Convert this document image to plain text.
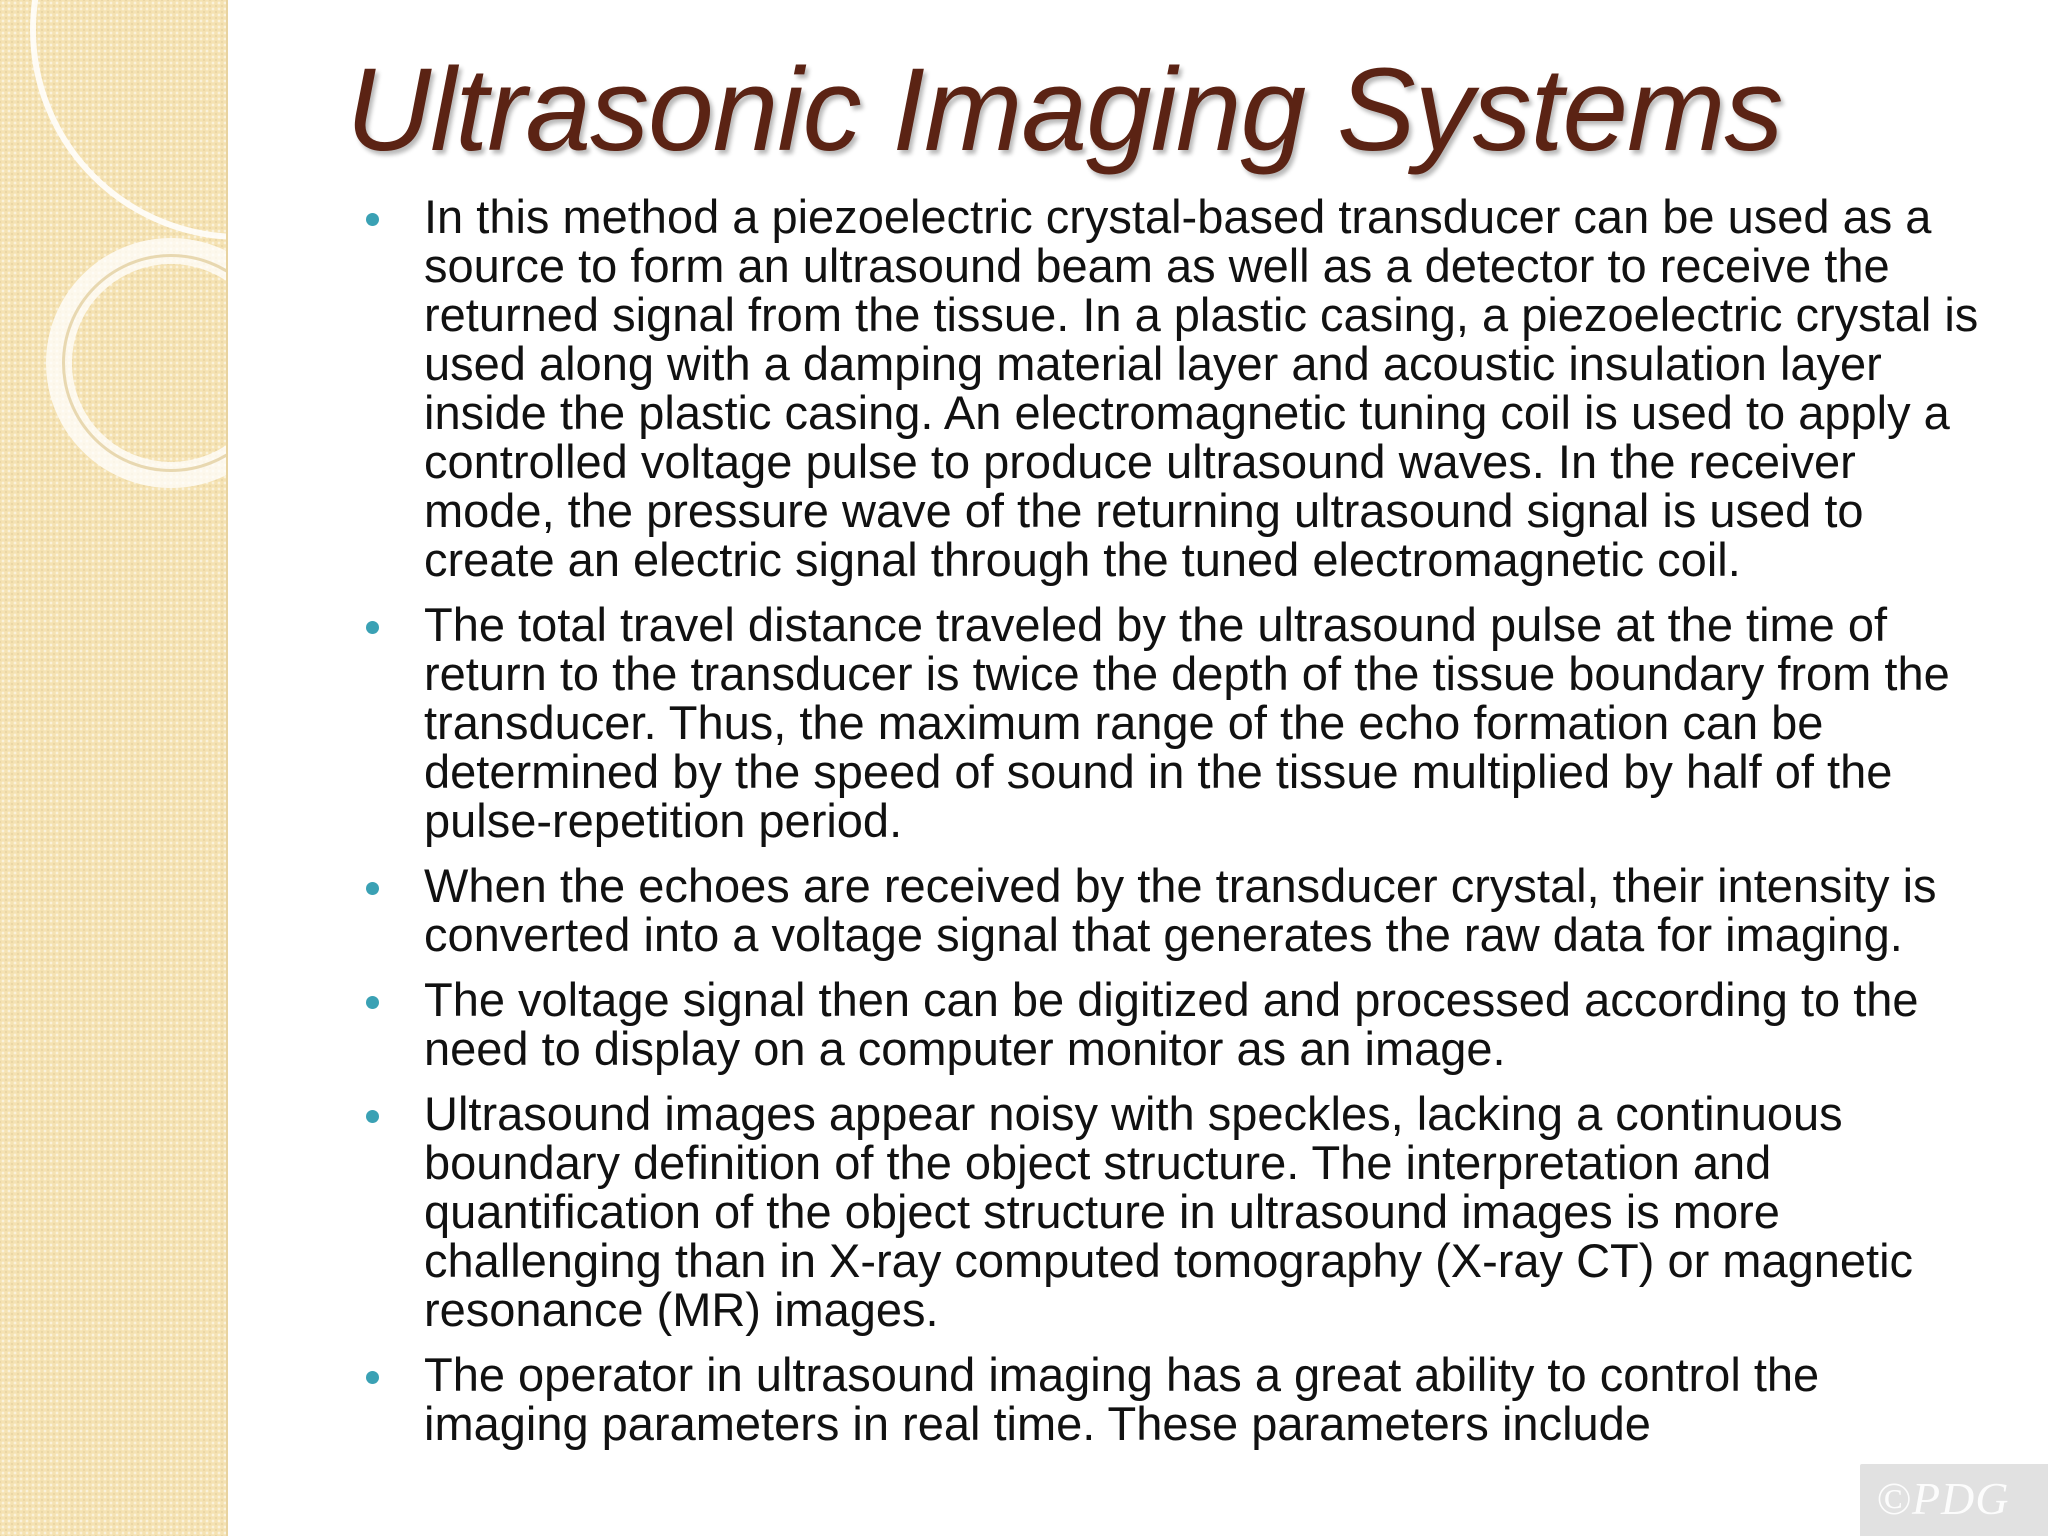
Ultrasonic Imaging Systems
In this method a piezoelectric crystal-based transducer can be used as a source to form an ultrasound beam as well as a detector to receive the returned signal from the tissue. In a plastic casing, a piezoelectric crystal is used along with a damping material layer and acoustic insulation layer inside the plastic casing. An electromagnetic tuning coil is used to apply a controlled voltage pulse to produce ultrasound waves. In the receiver mode, the pressure wave of the returning ultrasound signal is used to create an electric signal through the tuned electromagnetic coil.
The total travel distance traveled by the ultrasound pulse at the time of return to the transducer is twice the depth of the tissue boundary from the transducer. Thus, the maximum range of the echo formation can be determined by the speed of sound in the tissue multiplied by half of the pulse-repetition period.
When the echoes are received by the transducer crystal, their intensity is converted into a voltage signal that generates the raw data for imaging.
The voltage signal then can be digitized and processed according to the need to display on a computer monitor as an image.
Ultrasound images appear noisy with speckles, lacking a continuous boundary definition of the object structure. The interpretation and quantification of the object structure in ultrasound images is more challenging than in X-ray computed tomography (X-ray CT) or magnetic resonance (MR) images.
The operator in ultrasound imaging has a great ability to control the imaging parameters in real time. These parameters include
©PDG
